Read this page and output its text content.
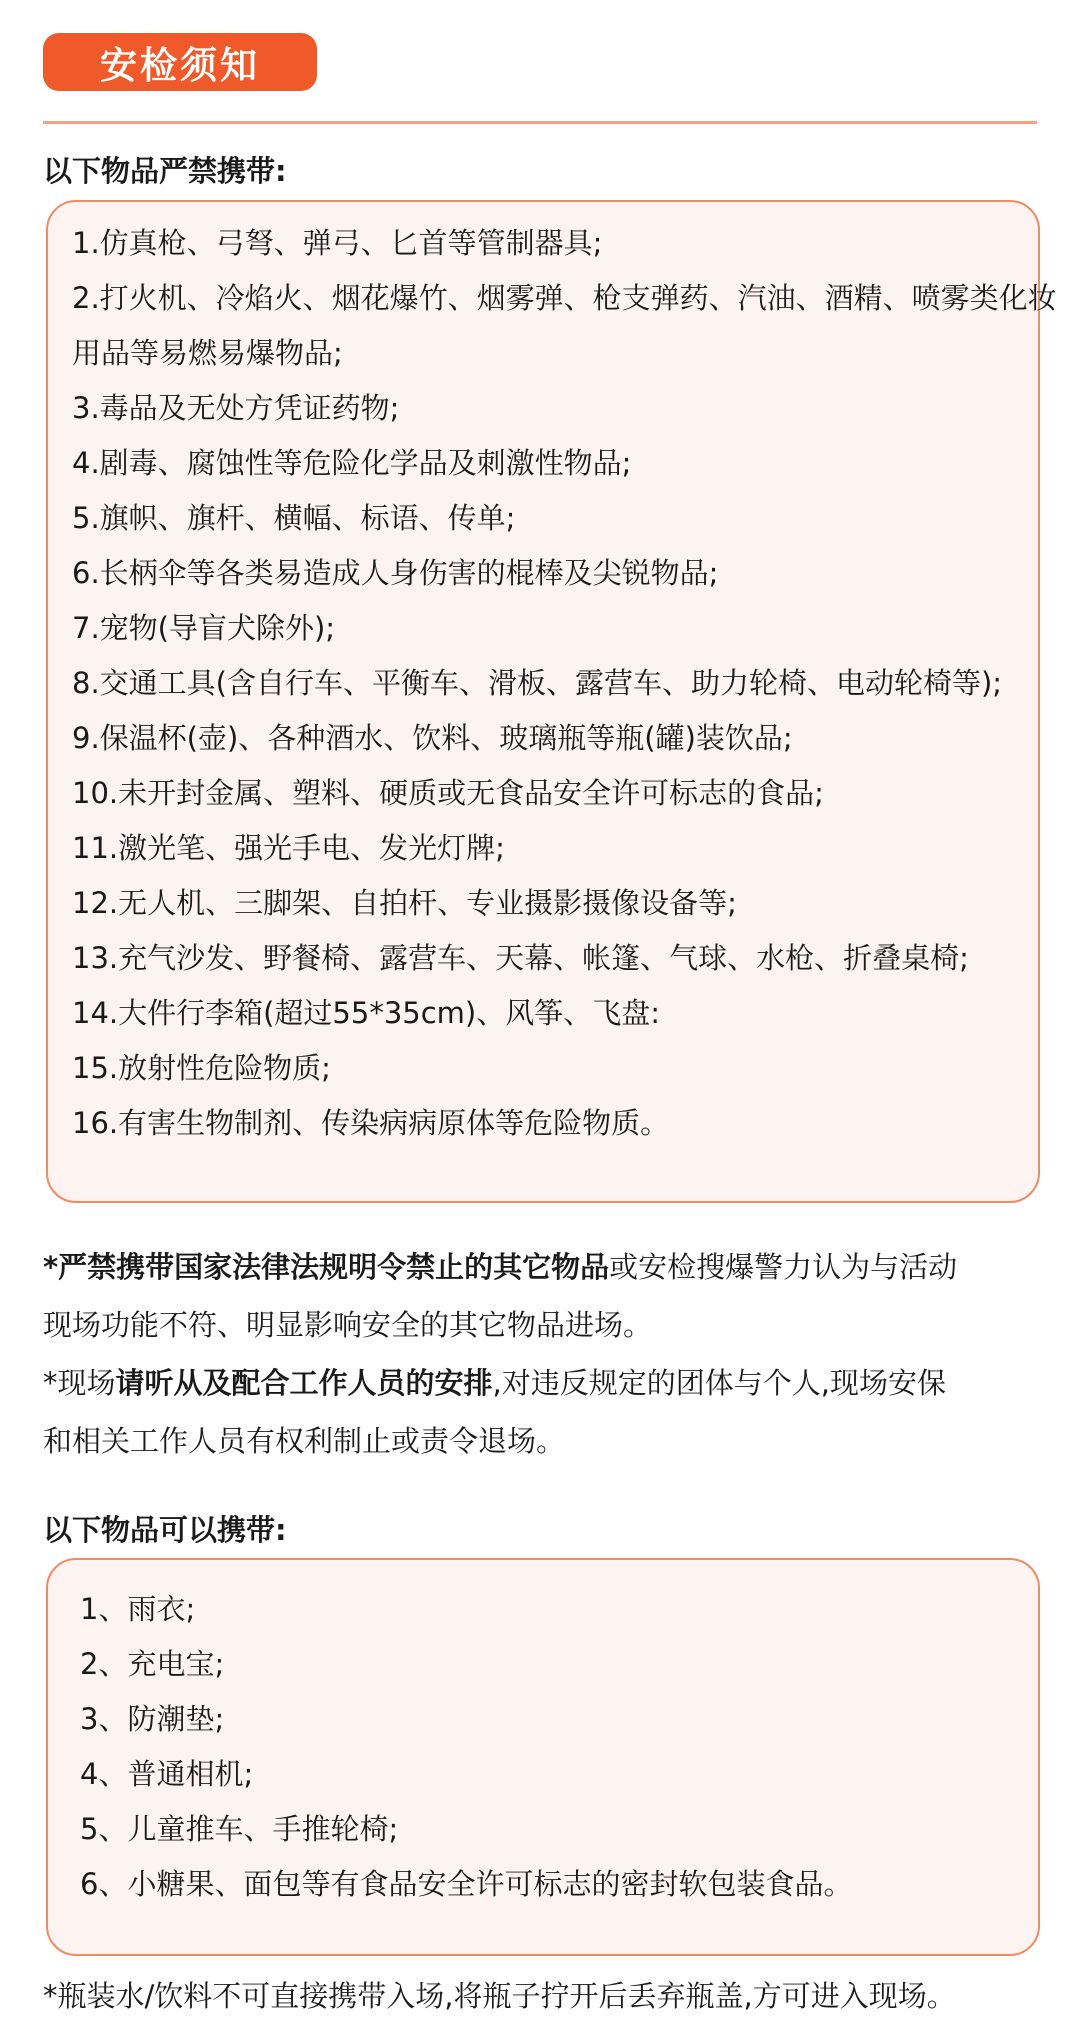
安检须知
以下物品严禁携带:
1.仿真枪、弓弩、弹弓、匕首等管制器具;
2.打火机、冷焰火、烟花爆竹、烟雾弹、枪支弹药、汽油、酒精、喷雾类化妆
用品等易燃易爆物品;
3.毒品及无处方凭证药物;
4.剧毒、腐蚀性等危险化学品及刺激性物品;
5.旗帜、旗杆、横幅、标语、传单;
6.长柄伞等各类易造成人身伤害的棍棒及尖锐物品;
7.宠物(导盲犬除外);
8.交通工具(含自行车、平衡车、滑板、露营车、助力轮椅、电动轮椅等);
9.保温杯(壶)、各种酒水、饮料、玻璃瓶等瓶(罐)装饮品;
10.未开封金属、塑料、硬质或无食品安全许可标志的食品;
11.激光笔、强光手电、发光灯牌;
12.无人机、三脚架、自拍杆、专业摄影摄像设备等;
13.充气沙发、野餐椅、露营车、天幕、帐篷、气球、水枪、折叠桌椅;
14.大件行李箱(超过55*35cm)、风筝、飞盘:
15.放射性危险物质;
16.有害生物制剂、传染病病原体等危险物质。

*严禁携带国家法律法规明令禁止的其它物品或安检搜爆警力认为与活动

现场功能不符、明显影响安全的其它物品进场。

*现场请听从及配合工作人员的安排,对违反规定的团体与个人,现场安保

和相关工作人员有权利制止或责令退场。

以下物品可以携带:
1、雨衣;
2、充电宝;
3、防潮垫;
4、普通相机;
5、儿童推车、手推轮椅;
6、小糖果、面包等有食品安全许可标志的密封软包装食品。
*瓶装水/饮料不可直接携带入场,将瓶子拧开后丢弃瓶盖,方可进入现场。
